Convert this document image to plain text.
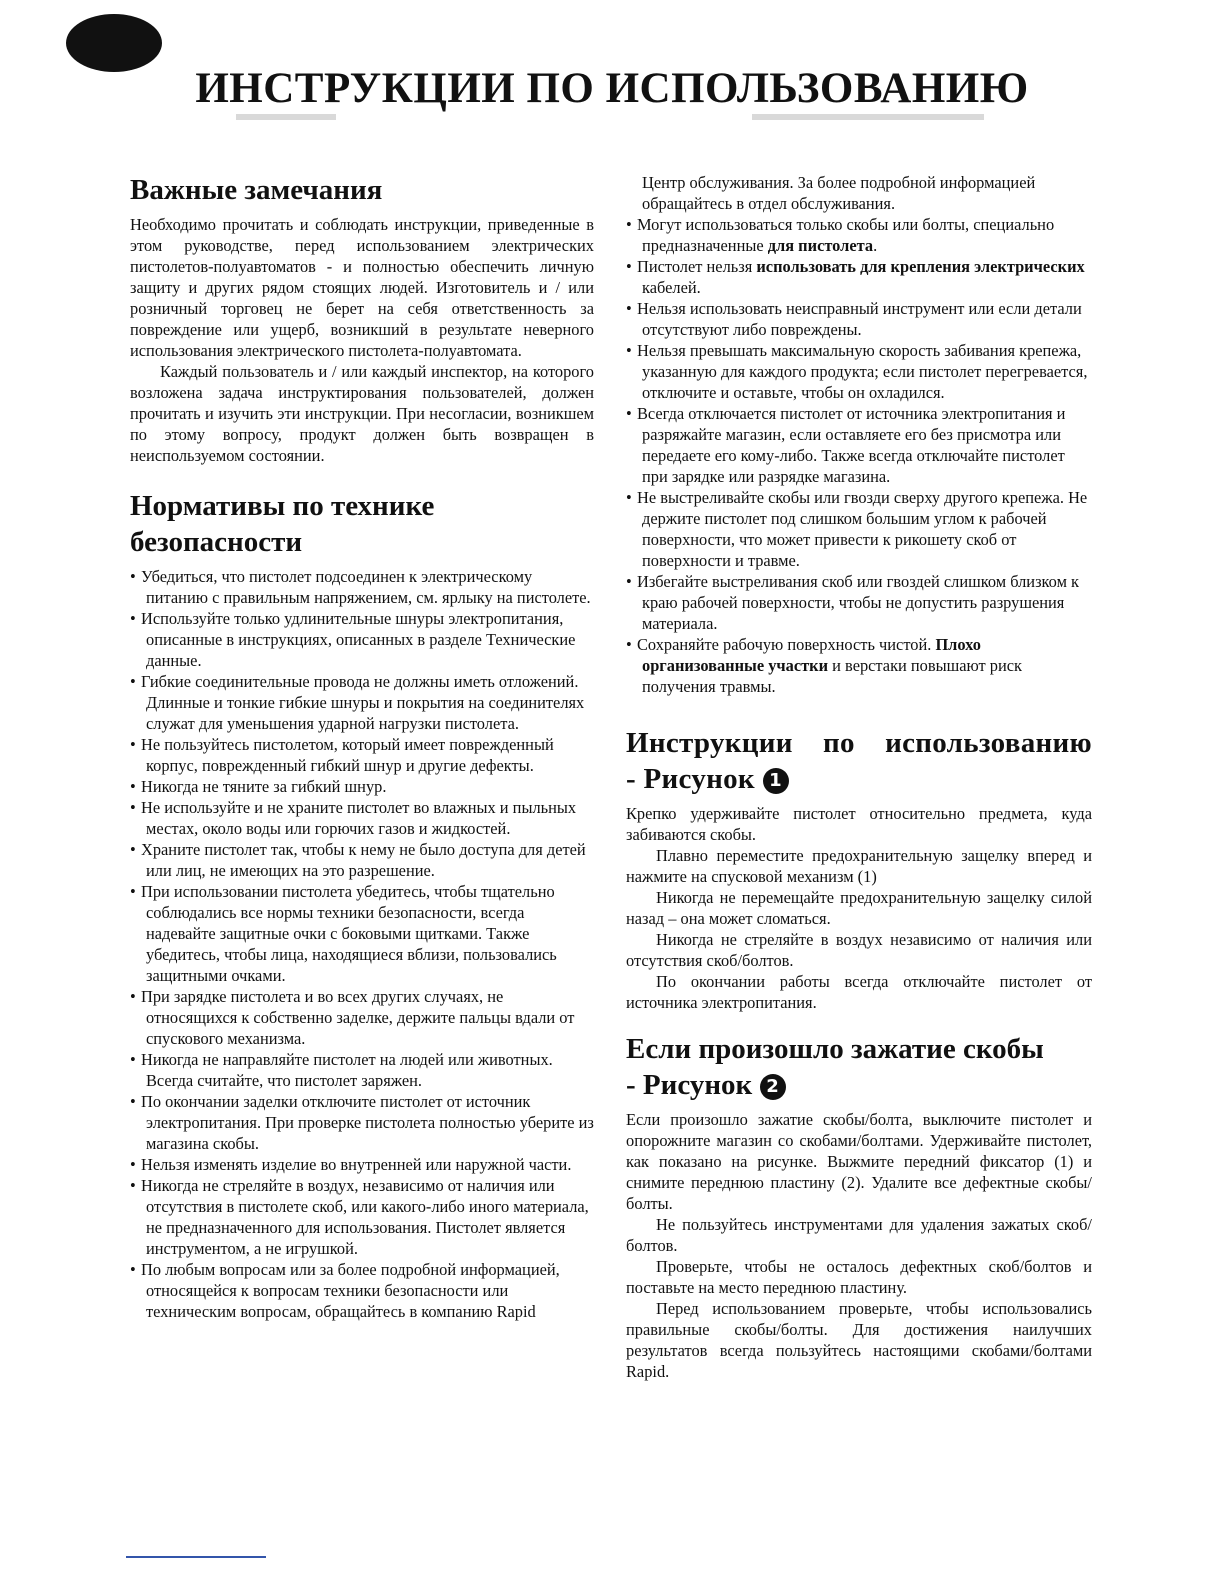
ИНСТРУКЦИИ ПО ИСПОЛЬЗОВАНИЮ
Важные замечания

Необходимо прочитать и соблюдать инструкции, приведенные в этом руководстве, перед использованием электрических пистолетов-полуавтоматов - и полностью обеспечить личную защиту и других рядом стоящих людей. Изготовитель и / или розничный торговец не берет на себя ответственность за повреждение или ущерб, возникший в результате неверного использования электрического пистолета-полуавтомата.

Каждый пользователь и / или каждый инспектор, на которого возложена задача инструктирования пользователей, должен прочитать и изучить эти инструкции. При несогласии, возникшем по этому вопросу, продукт должен быть возвращен в неиспользуемом состоянии.

Нормативы по технике
безопасности
• Убедиться, что пистолет подсоединен к электрическому питанию с правильным напряжением, см. ярлыку на пистолете.
• Используйте только удлинительные шнуры электропитания, описанные в инструкциях, описанных в разделе Технические данные.
• Гибкие соединительные провода не должны иметь отложений. Длинные и тонкие гибкие шнуры и покрытия на соединителях служат для уменьшения ударной нагрузки пистолета.
• Не пользуйтесь пистолетом, который имеет поврежденный корпус, поврежденный гибкий шнур и другие дефекты.
• Никогда не тяните за гибкий шнур.
• Не используйте и не храните пистолет во влажных и пыльных местах, около воды или горючих газов и жидкостей.
• Храните пистолет так, чтобы к нему не было доступа для детей или лиц, не имеющих на это разрешение.
• При использовании пистолета убедитесь, чтобы тщательно соблюдались все нормы техники безопасности, всегда надевайте защитные очки с боковыми щитками. Также убедитесь, чтобы лица, находящиеся вблизи, пользовались защитными очками.
• При зарядке пистолета и во всех других случаях, не относящихся к собственно заделке, держите пальцы вдали от спускового механизма.
• Никогда не направляйте пистолет на людей или животных. Всегда считайте, что пистолет заряжен.
• По окончании заделки отключите пистолет от источник электропитания. При проверке пистолета полностью уберите из магазина скобы.
• Нельзя изменять изделие во внутренней или наружной части.
• Никогда не стреляйте в воздух, независимо от наличия или отсутствия в пистолете скоб, или какого-либо иного материала, не предназначенного для использования. Пистолет является инструментом, а не игрушкой.
• По любым вопросам или за более подробной информацией, относящейся к вопросам техники безопасности или техническим вопросам, обращайтесь в компанию Rapid

Центр обслуживания. За более подробной информацией обращайтесь в отдел обслуживания.

• Могут использоваться только скобы или болты, специально предназначенные для пистолета.
• Пистолет нельзя использовать для крепления электрических кабелей.
• Нельзя использовать неисправный инструмент или если детали отсутствуют либо повреждены.
• Нельзя превышать максимальную скорость забивания крепежа, указанную для каждого продукта; если пистолет перегревается, отключите и оставьте, чтобы он охладился.
• Всегда отключается пистолет от источника электропитания и разряжайте магазин, если оставляете его без присмотра или передаете его кому-либо. Также всегда отключайте пистолет при зарядке или разрядке магазина.
• Не выстреливайте скобы или гвозди сверху другого крепежа. Не держите пистолет под слишком большим углом к рабочей поверхности, что может привести к рикошету скоб от поверхности и травме.
• Избегайте выстреливания скоб или гвоздей слишком близком к краю рабочей поверхности, чтобы не допустить разрушения материала.
• Сохраняйте рабочую поверхность чистой. Плохо организованные участки и верстаки повышают риск получения травмы.
Инструкции по использованию
- Рисунок 1

Крепко удерживайте пистолет относительно предмета, куда забиваются скобы.

Плавно переместите предохранительную защелку вперед и нажмите на спусковой механизм (1)

Никогда не перемещайте предохранительную защелку силой назад – она может сломаться.

Никогда не стреляйте в воздух независимо от наличия или отсутствия скоб/болтов.

По окончании работы всегда отключайте пистолет от источника электропитания.

Если произошло зажатие скобы
- Рисунок 2

Если произошло зажатие скобы/болта, выключите пистолет и опорожните магазин со скобами/болтами. Удерживайте пистолет, как показано на рисунке. Выжмите передний фиксатор (1) и снимите переднюю пластину (2). Удалите все дефектные скобы/болты.

Не пользуйтесь инструментами для удаления зажатых скоб/ болтов.

Проверьте, чтобы не осталось дефектных скоб/болтов и поставьте на место переднюю пластину.

Перед использованием проверьте, чтобы использовались правильные скобы/болты. Для достижения наилучших результатов всегда пользуйтесь настоящими скобами/болтами Rapid.
